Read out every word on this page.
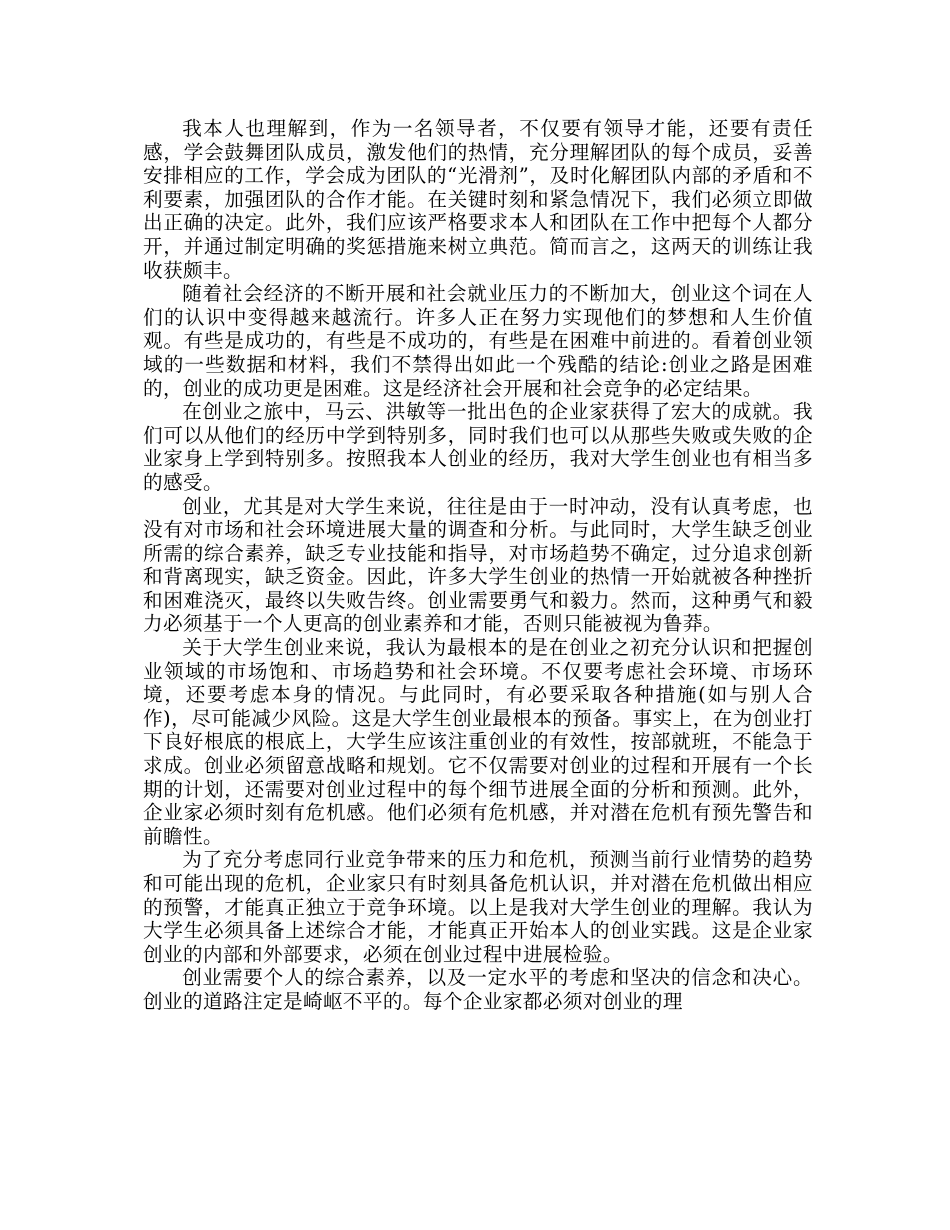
我本人也理解到，作为一名领导者，不仅要有领导才能，还要有责任感，学会鼓舞团队成员，激发他们的热情，充分理解团队的每个成员，妥善安排相应的工作，学会成为团队的“光滑剂”，及时化解团队内部的矛盾和不利要素，加强团队的合作才能。在关键时刻和紧急情况下，我们必须立即做出正确的决定。此外，我们应该严格要求本人和团队在工作中把每个人都分开，并通过制定明确的奖惩措施来树立典范。简而言之，这两天的训练让我收获颇丰。

随着社会经济的不断开展和社会就业压力的不断加大，创业这个词在人们的认识中变得越来越流行。许多人正在努力实现他们的梦想和人生价值观。有些是成功的，有些是不成功的，有些是在困难中前进的。看着创业领域的一些数据和材料，我们不禁得出如此一个残酷的结论:创业之路是困难的，创业的成功更是困难。这是经济社会开展和社会竞争的必定结果。

在创业之旅中，马云、洪敏等一批出色的企业家获得了宏大的成就。我们可以从他们的经历中学到特别多，同时我们也可以从那些失败或失败的企业家身上学到特别多。按照我本人创业的经历，我对大学生创业也有相当多的感受。

创业，尤其是对大学生来说，往往是由于一时冲动，没有认真考虑，也没有对市场和社会环境进展大量的调查和分析。与此同时，大学生缺乏创业所需的综合素养，缺乏专业技能和指导，对市场趋势不确定，过分追求创新和背离现实，缺乏资金。因此，许多大学生创业的热情一开始就被各种挫折和困难浇灭，最终以失败告终。创业需要勇气和毅力。然而，这种勇气和毅力必须基于一个人更高的创业素养和才能，否则只能被视为鲁莽。

关于大学生创业来说，我认为最根本的是在创业之初充分认识和把握创业领域的市场饱和、市场趋势和社会环境。不仅要考虑社会环境、市场环境，还要考虑本身的情况。与此同时，有必要采取各种措施(如与别人合作)，尽可能减少风险。这是大学生创业最根本的预备。事实上，在为创业打下良好根底的根底上，大学生应该注重创业的有效性，按部就班，不能急于求成。创业必须留意战略和规划。它不仅需要对创业的过程和开展有一个长期的计划，还需要对创业过程中的每个细节进展全面的分析和预测。此外，企业家必须时刻有危机感。他们必须有危机感，并对潜在危机有预先警告和前瞻性。

为了充分考虑同行业竞争带来的压力和危机，预测当前行业情势的趋势和可能出现的危机，企业家只有时刻具备危机认识，并对潜在危机做出相应的预警，才能真正独立于竞争环境。以上是我对大学生创业的理解。我认为大学生必须具备上述综合才能，才能真正开始本人的创业实践。这是企业家创业的内部和外部要求，必须在创业过程中进展检验。

创业需要个人的综合素养，以及一定水平的考虑和坚决的信念和决心。创业的道路注定是崎岖不平的。每个企业家都必须对创业的理
